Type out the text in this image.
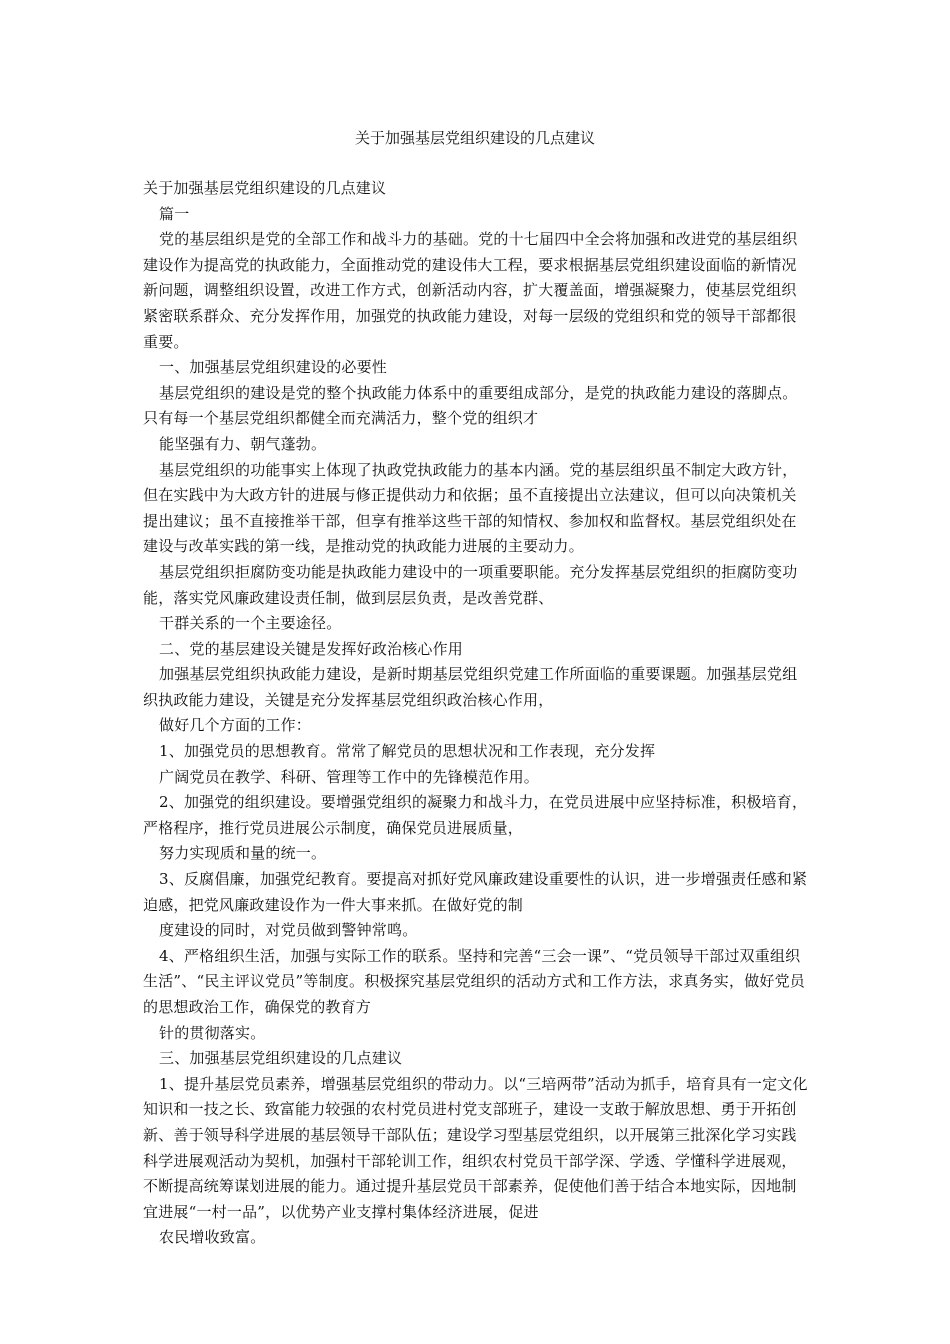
关于加强基层党组织建设的几点建议

关于加强基层党组织建设的几点建议

篇一

党的基层组织是党的全部工作和战斗力的基础。党的十七届四中全会将加强和改进党的基层组织建设作为提高党的执政能力，全面推动党的建设伟大工程，要求根据基层党组织建设面临的新情况新问题，调整组织设置，改进工作方式，创新活动内容，扩大覆盖面，增强凝聚力，使基层党组织紧密联系群众、充分发挥作用，加强党的执政能力建设，对每一层级的党组织和党的领导干部都很重要。

一、加强基层党组织建设的必要性

基层党组织的建设是党的整个执政能力体系中的重要组成部分，是党的执政能力建设的落脚点。只有每一个基层党组织都健全而充满活力，整个党的组织才

能坚强有力、朝气蓬勃。

基层党组织的功能事实上体现了执政党执政能力的基本内涵。党的基层组织虽不制定大政方针，但在实践中为大政方针的进展与修正提供动力和依据；虽不直接提出立法建议，但可以向决策机关提出建议；虽不直接推举干部，但享有推举这些干部的知情权、参加权和监督权。基层党组织处在建设与改革实践的第一线，是推动党的执政能力进展的主要动力。

基层党组织拒腐防变功能是执政能力建设中的一项重要职能。充分发挥基层党组织的拒腐防变功能，落实党风廉政建设责任制，做到层层负责，是改善党群、

干群关系的一个主要途径。

二、党的基层建设关键是发挥好政治核心作用

加强基层党组织执政能力建设，是新时期基层党组织党建工作所面临的重要课题。加强基层党组织执政能力建设，关键是充分发挥基层党组织政治核心作用，

做好几个方面的工作：

1、加强党员的思想教育。常常了解党员的思想状况和工作表现，充分发挥

广阔党员在教学、科研、管理等工作中的先锋模范作用。

2、加强党的组织建设。要增强党组织的凝聚力和战斗力，在党员进展中应坚持标准，积极培育，严格程序，推行党员进展公示制度，确保党员进展质量，

努力实现质和量的统一。

3、反腐倡廉，加强党纪教育。要提高对抓好党风廉政建设重要性的认识，进一步增强责任感和紧迫感，把党风廉政建设作为一件大事来抓。在做好党的制

度建设的同时，对党员做到警钟常鸣。

4、严格组织生活，加强与实际工作的联系。坚持和完善“三会一课”、“党员领导干部过双重组织生活”、“民主评议党员”等制度。积极探究基层党组织的活动方式和工作方法，求真务实，做好党员的思想政治工作，确保党的教育方

针的贯彻落实。

三、加强基层党组织建设的几点建议

1、提升基层党员素养，增强基层党组织的带动力。以“三培两带”活动为抓手，培育具有一定文化知识和一技之长、致富能力较强的农村党员进村党支部班子，建设一支敢于解放思想、勇于开拓创新、善于领导科学进展的基层领导干部队伍；建设学习型基层党组织，以开展第三批深化学习实践科学进展观活动为契机，加强村干部轮训工作，组织农村党员干部学深、学透、学懂科学进展观，不断提高统筹谋划进展的能力。通过提升基层党员干部素养，促使他们善于结合本地实际，因地制宜进展“一村一品”，以优势产业支撑村集体经济进展，促进

农民增收致富。
